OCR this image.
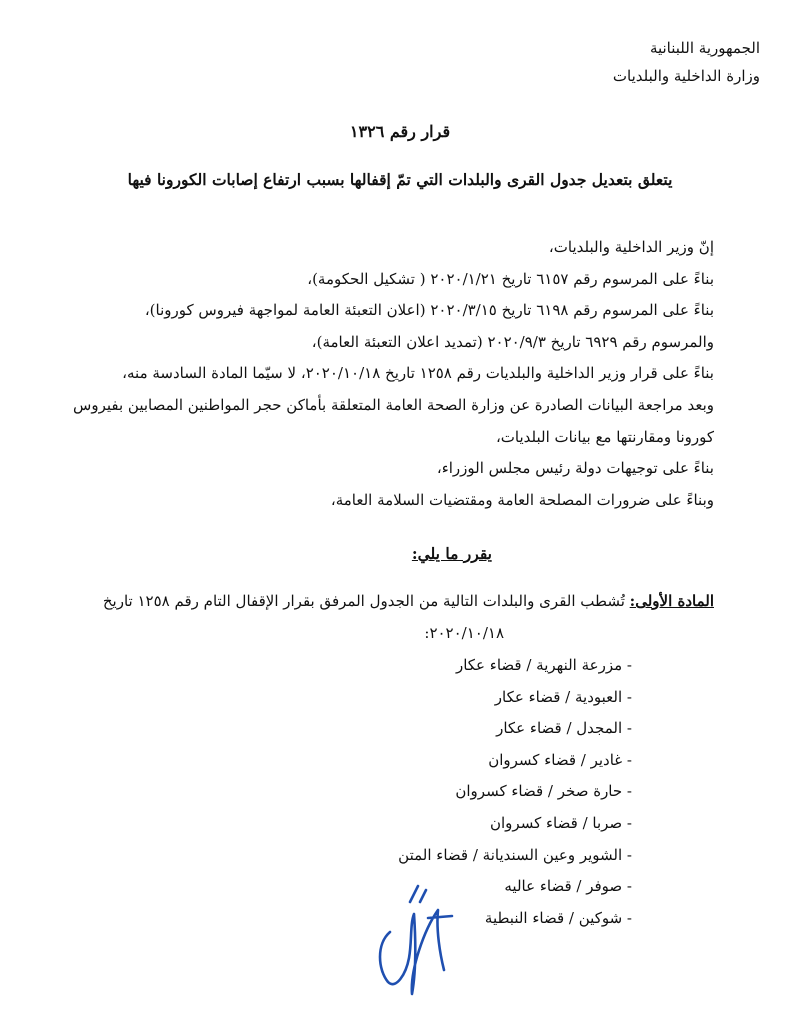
الجمهورية اللبنانية
وزارة الداخلية والبلديات
قرار رقم ١٣٢٦
يتعلق بتعديل جدول القرى والبلدات التي تمّ إقفالها بسبب ارتفاع إصابات الكورونا فيها

إنّ وزير الداخلية والبلديات،

بناءً على المرسوم رقم ٦١٥٧ تاريخ ٢٠٢٠/١/٢١ ( تشكيل الحكومة)،

بناءً على المرسوم رقم ٦١٩٨ تاريخ ٢٠٢٠/٣/١٥ (اعلان التعبئة العامة لمواجهة فيروس كورونا)،

والمرسوم رقم ٦٩٢٩ تاريخ ٢٠٢٠/٩/٣ (تمديد اعلان التعبئة العامة)،

بناءً على قرار وزير الداخلية والبلديات رقم ١٢٥٨ تاريخ ٢٠٢٠/١٠/١٨، لا سيّما المادة السادسة منه،

وبعد مراجعة البيانات الصادرة عن وزارة الصحة العامة المتعلقة بأماكن حجر المواطنين المصابين بفيروس كورونا ومقارنتها مع بيانات البلديات،

بناءً على توجيهات دولة رئيس مجلس الوزراء،

وبناءً على ضرورات المصلحة العامة ومقتضيات السلامة العامة،

يقرر ما يلي:

المادة الأولى: تُشطب القرى والبلدات التالية من الجدول المرفق بقرار الإقفال التام رقم ١٢٥٨ تاريخ

٢٠٢٠/١٠/١٨:

- مزرعة النهرية / قضاء عكار
- العبودية / قضاء عكار
- المجدل / قضاء عكار
- غادير / قضاء كسروان
- حارة صخر / قضاء كسروان
- صربا / قضاء كسروان
- الشوير وعين السنديانة / قضاء المتن
- صوفر / قضاء عاليه
- شوكين / قضاء النبطية
